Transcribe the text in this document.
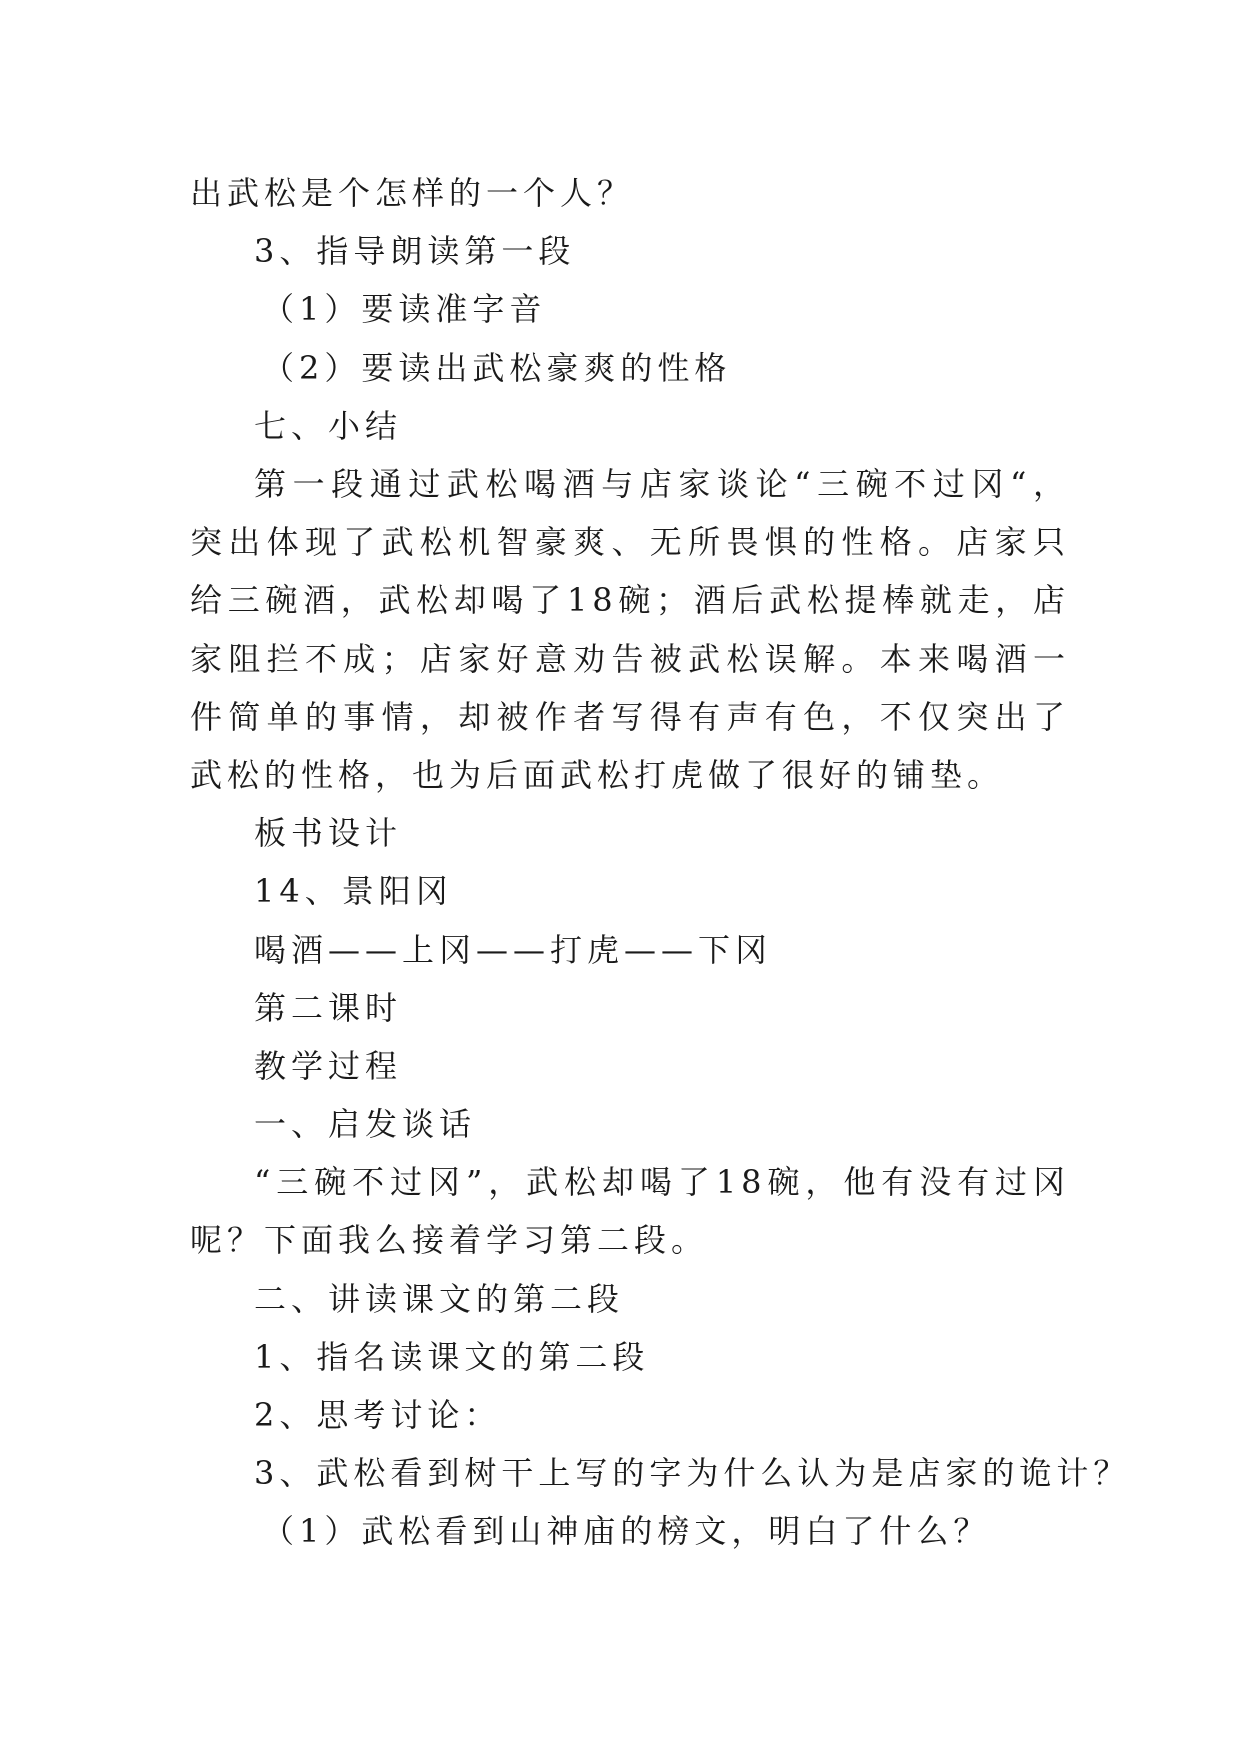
出武松是个怎样的一个人？
3、指导朗读第一段
（1）要读准字音
（2）要读出武松豪爽的性格
七、小结
第一段通过武松喝酒与店家谈论“三碗不过冈“，突出体现了武松机智豪爽、无所畏惧的性格。店家只给三碗酒，武松却喝了18碗；酒后武松提棒就走，店家阻拦不成；店家好意劝告被武松误解。本来喝酒一件简单的事情，却被作者写得有声有色，不仅突出了武松的性格，也为后面武松打虎做了很好的铺垫。
板书设计
14、景阳冈
喝酒——上冈——打虎——下冈
第二课时
教学过程
一、启发谈话
“三碗不过冈”，武松却喝了18碗，他有没有过冈呢？下面我么接着学习第二段。
二、讲读课文的第二段
1、指名读课文的第二段
2、思考讨论：
3、武松看到树干上写的字为什么认为是店家的诡计？
（1）武松看到山神庙的榜文，明白了什么？
